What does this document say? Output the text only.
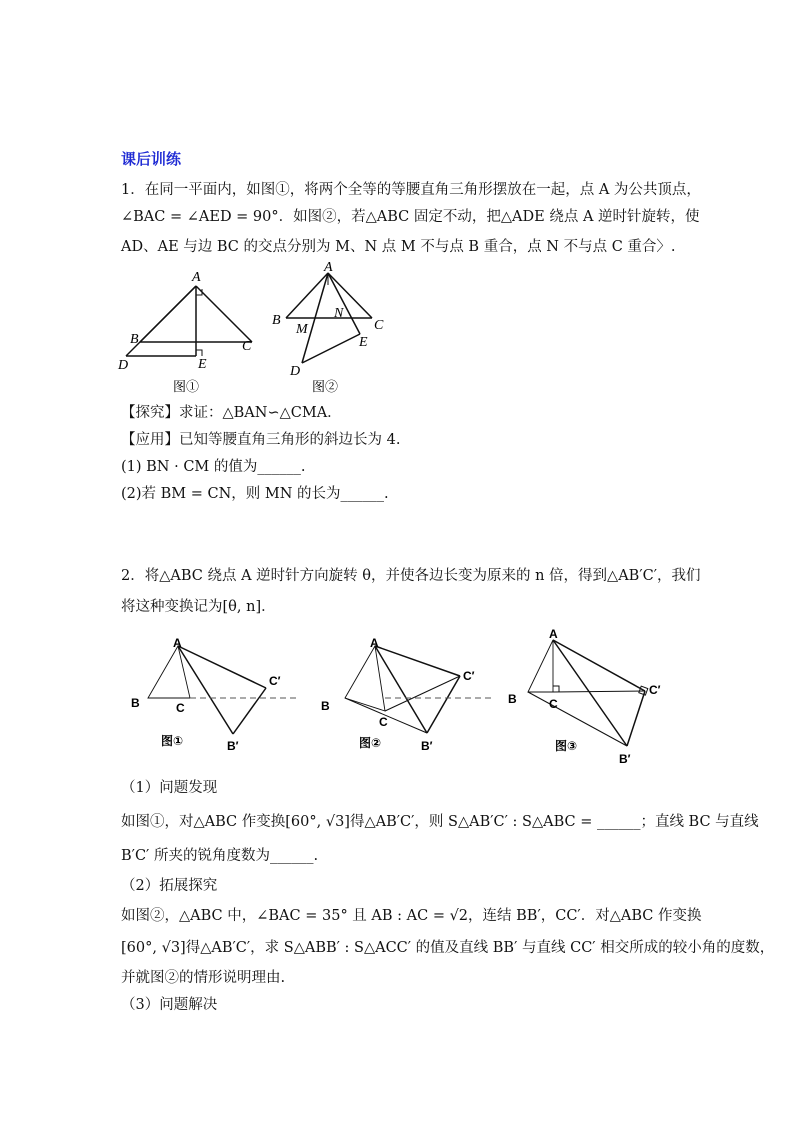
课后训练
1．在同一平面内，如图①，将两个全等的等腰直角三角形摆放在一起，点 A 为公共顶点，
∠BAC = ∠AED = 90°．如图②，若△ABC 固定不动，把△ADE 绕点 A 逆时针旋转，使
AD、AE 与边 BC 的交点分别为 M、N 点 M 不与点 B 重合，点 N 不与点 C 重合〉.
A
B	C
D	E
图①
A
B	C
D
E
M
N
图②
【探究】求证：△BAN∽△CMA．
【应用】已知等腰直角三角形的斜边长为 4.
(1) BN · CM 的值为______.
(2)若 BM = CN，则 MN 的长为______.
2．将△ABC 绕点 A 逆时针方向旋转 θ，并使各边长变为原来的 n 倍，得到△AB′C′，我们
将这种变换记为[θ, n]．
A
B	C
C′
B′
图①
A
B
C
C′
B′
图②
A
B	C
C′
B′
图③
（1）问题发现
如图①，对△ABC 作变换[60°, √3]得△AB′C′，则 S△AB′C′ : S△ABC = ______；直线 BC 与直线
B′C′ 所夹的锐角度数为______.
（2）拓展探究
如图②，△ABC 中，∠BAC = 35° 且 AB : AC = √2，连结 BB′，CC′．对△ABC 作变换
[60°, √3]得△AB′C′，求 S△ABB′ : S△ACC′ 的值及直线 BB′ 与直线 CC′ 相交所成的较小角的度数，
并就图②的情形说明理由.
（3）问题解决
